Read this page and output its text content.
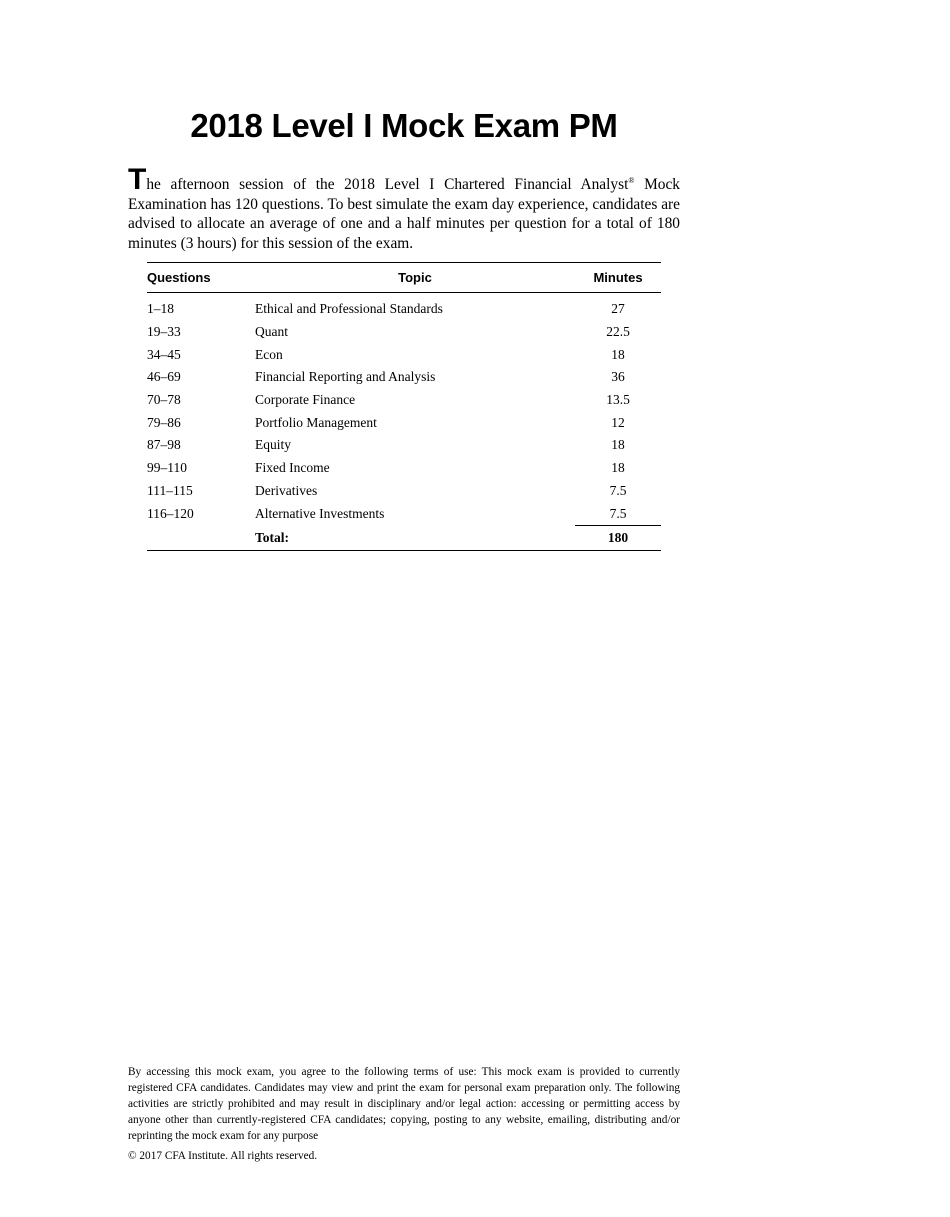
2018 Level I Mock Exam PM

The afternoon session of the 2018 Level I Chartered Financial Analyst® Mock Examination has 120 questions. To best simulate the exam day experience, candidates are advised to allocate an average of one and a half minutes per question for a total of 180 minutes (3 hours) for this session of the exam.

Questions	Topic	Minutes

1–18	Ethical and Professional Standards	27
19–33	Quant	22.5
34–45	Econ	18
46–69	Financial Reporting and Analysis	36
70–78	Corporate Finance	13.5
79–86	Portfolio Management	12
87–98	Equity	18
99–110	Fixed Income	18
111–115	Derivatives	7.5
116–120	Alternative Investments	7.5
	Total:	180

By accessing this mock exam, you agree to the following terms of use: This mock exam is provided to currently registered CFA candidates. Candidates may view and print the exam for personal exam preparation only. The following activities are strictly prohibited and may result in disciplinary and/or legal action: accessing or permitting access by anyone other than currently-registered CFA candidates; copying, posting to any website, emailing, distributing and/or reprinting the mock exam for any purpose

© 2017 CFA Institute. All rights reserved.
